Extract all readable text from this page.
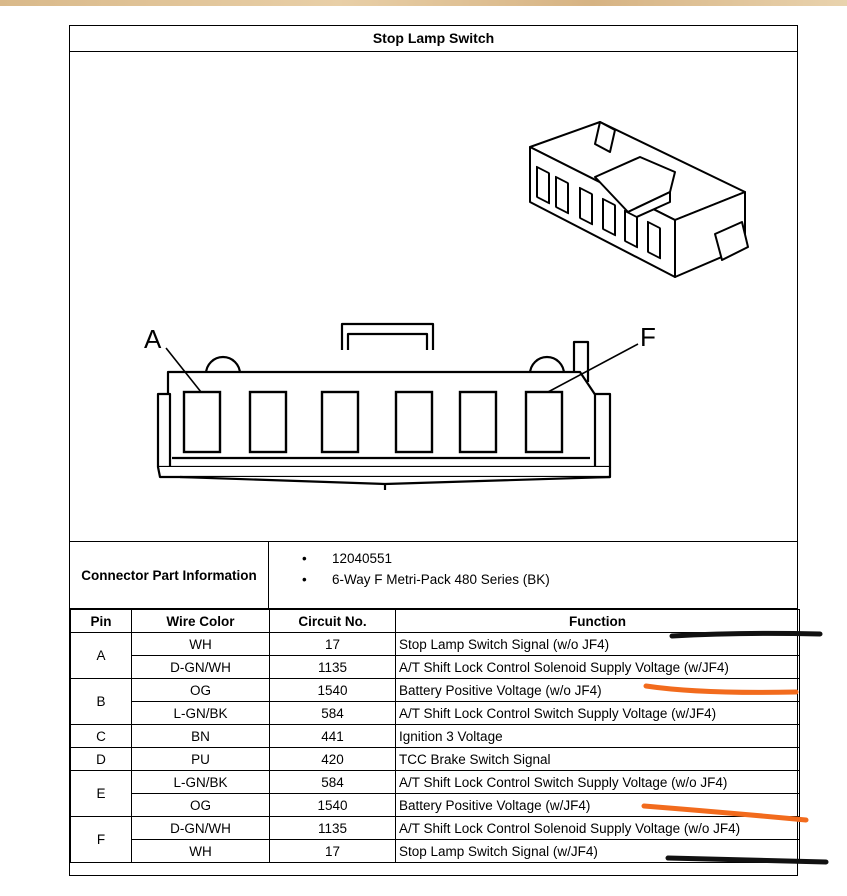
Stop Lamp Switch
A	F
Connector Part Information
• 12040551
• 6-Way F Metri-Pack 480 Series (BK)
Pin	Wire Color	Circuit No.	Function
A	WH	17	Stop Lamp Switch Signal (w/o JF4)
	D-GN/WH	1135	A/T Shift Lock Control Solenoid Supply Voltage (w/JF4)
B	OG	1540	Battery Positive Voltage (w/o JF4)
	L-GN/BK	584	A/T Shift Lock Control Switch Supply Voltage (w/JF4)
C	BN	441	Ignition 3 Voltage
D	PU	420	TCC Brake Switch Signal
E	L-GN/BK	584	A/T Shift Lock Control Switch Supply Voltage (w/o JF4)
	OG	1540	Battery Positive Voltage (w/JF4)
F	D-GN/WH	1135	A/T Shift Lock Control Solenoid Supply Voltage (w/o JF4)
	WH	17	Stop Lamp Switch Signal (w/JF4)
